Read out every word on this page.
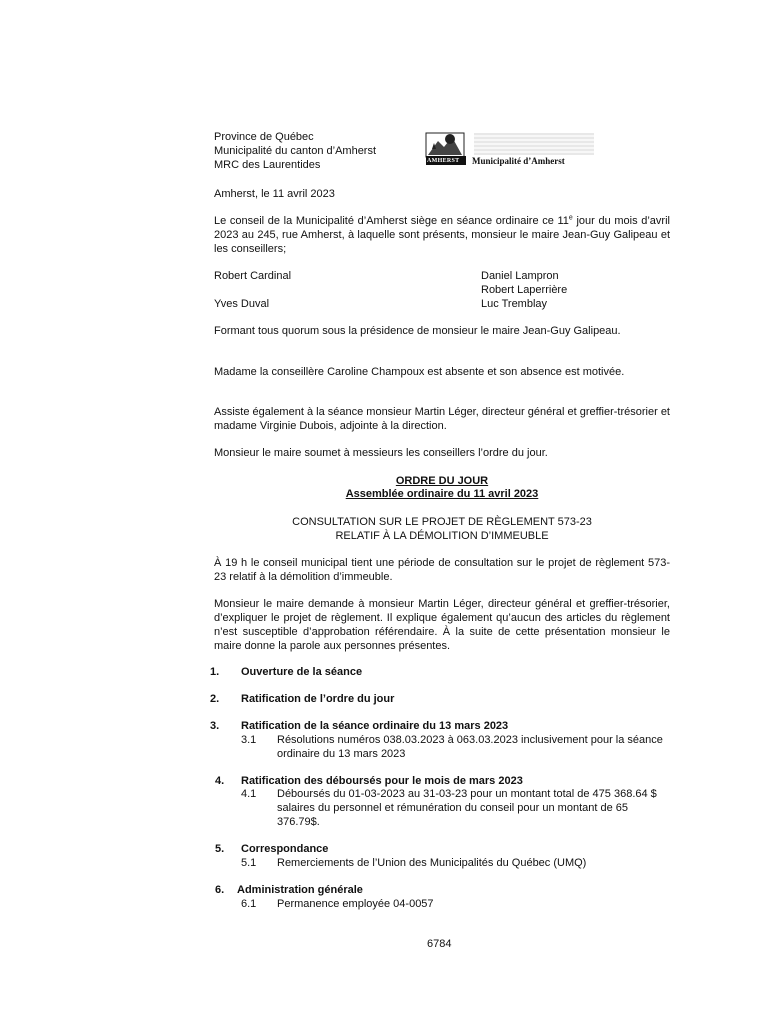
Province de Québec
Municipalité du canton d’Amherst
MRC des Laurentides	AMHERST Municipalité d’Amherst
Amherst, le 11 avril 2023
Le conseil de la Municipalité d’Amherst siège en séance ordinaire ce 11e jour du mois d’avril 2023 au 245, rue Amherst, à laquelle sont présents, monsieur le maire Jean-Guy Galipeau et les conseillers;
Robert Cardinal
Yves Duval
Daniel Lampron
Robert Laperrière
Luc Tremblay
Formant tous quorum sous la présidence de monsieur le maire Jean-Guy Galipeau.
Madame la conseillère Caroline Champoux est absente et son absence est motivée.
Assiste également à la séance monsieur Martin Léger, directeur général et greffier-trésorier et madame Virginie Dubois, adjointe à la direction.
Monsieur le maire soumet à messieurs les conseillers l’ordre du jour.
ORDRE DU JOUR
Assemblée ordinaire du 11 avril 2023
CONSULTATION SUR LE PROJET DE RÈGLEMENT 573-23
RELATIF À LA DÉMOLITION D’IMMEUBLE
À 19 h le conseil municipal tient une période de consultation sur le projet de règlement 573-23 relatif à la démolition d’immeuble.
Monsieur le maire demande à monsieur Martin Léger, directeur général et greffier-trésorier, d’expliquer le projet de règlement. Il explique également qu’aucun des articles du règlement n’est susceptible d’approbation référendaire. À la suite de cette présentation monsieur le maire donne la parole aux personnes présentes.
1. Ouverture de la séance
2. Ratification de l’ordre du jour
3. Ratification de la séance ordinaire du 13 mars 2023
3.1 Résolutions numéros 038.03.2023 à 063.03.2023 inclusivement pour la séance ordinaire du 13 mars 2023
4. Ratification des déboursés pour le mois de mars 2023
4.1 Déboursés du 01-03-2023 au 31-03-23 pour un montant total de 475 368.64 $ salaires du personnel et rémunération du conseil pour un montant de 65 376.79$.
5. Correspondance
5.1 Remerciements de l’Union des Municipalités du Québec (UMQ)
6. Administration générale
6.1 Permanence employée 04-0057
6784
